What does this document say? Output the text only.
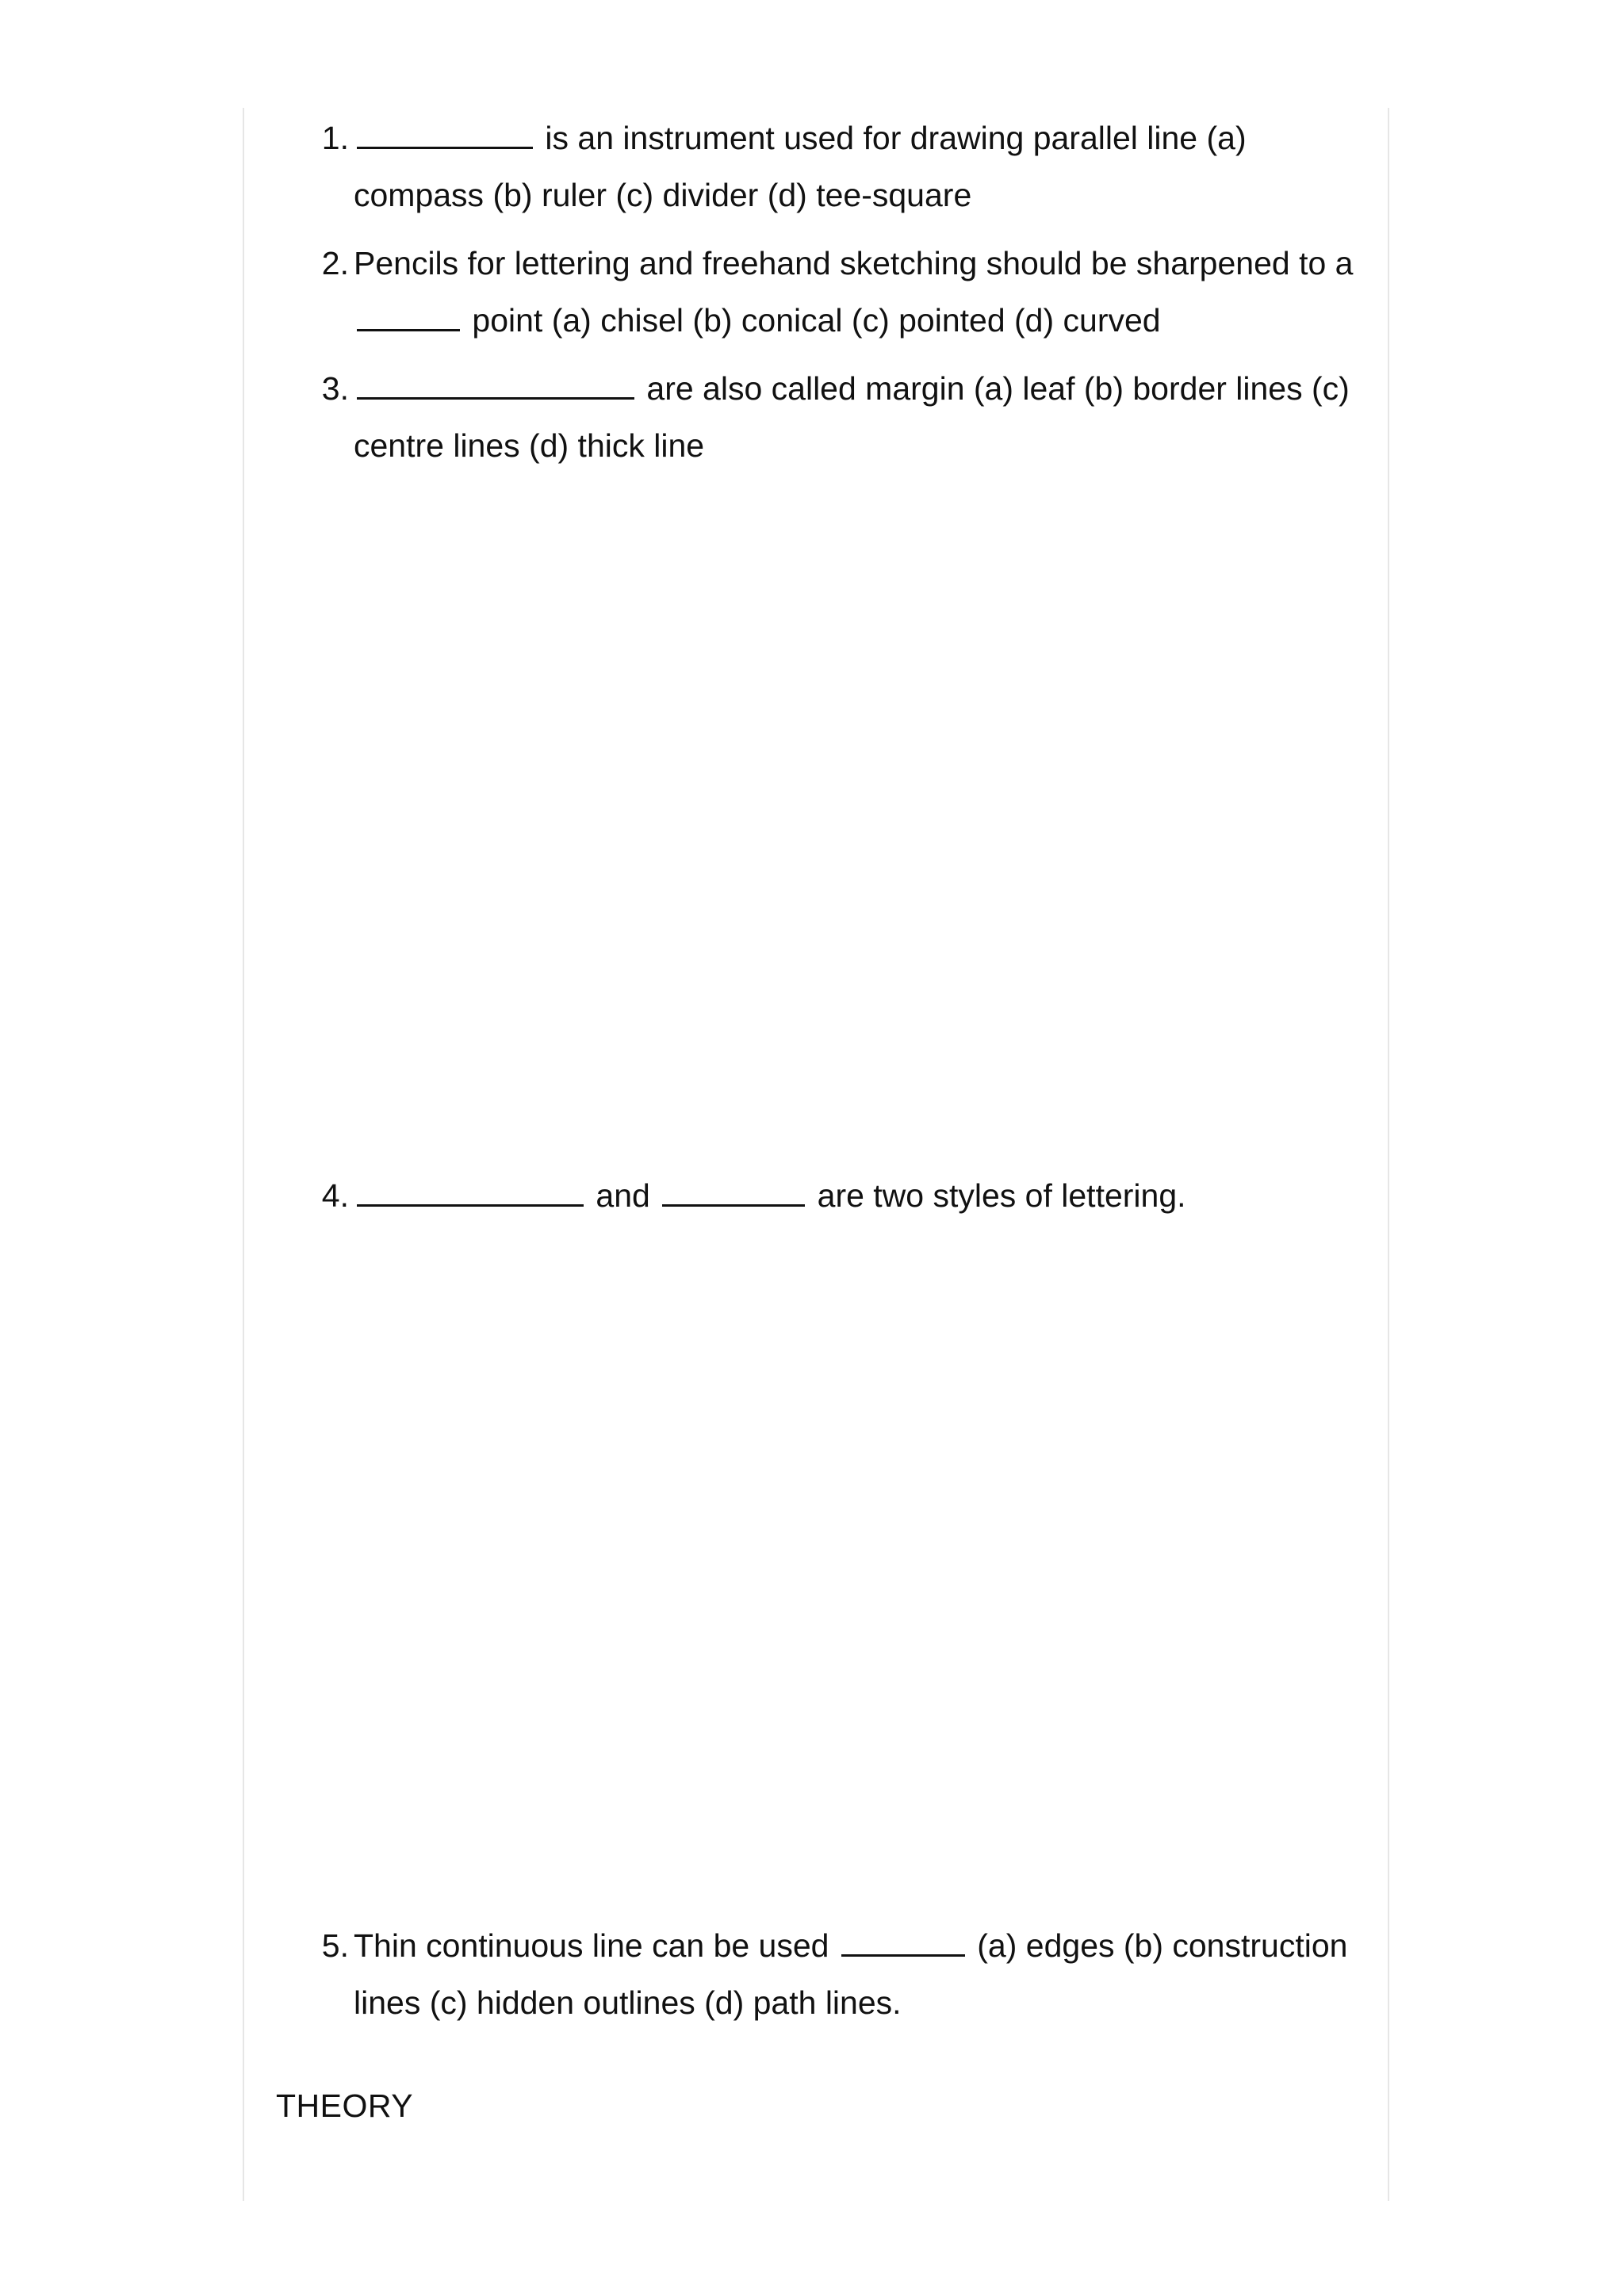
1.	is an instrument used for drawing parallel line (a) compass (b) ruler (c) divider (d) tee-square
2. Pencils for lettering and freehand sketching should be sharpened to a  point (a) chisel (b) conical (c) pointed (d) curved
3.	are also called margin (a) leaf (b) border lines (c) centre lines (d) thick line
4.	and	are two styles of lettering.
5. Thin continuous line can be used	(a) edges (b) construction lines (c) hidden outlines (d) path lines.
THEORY
